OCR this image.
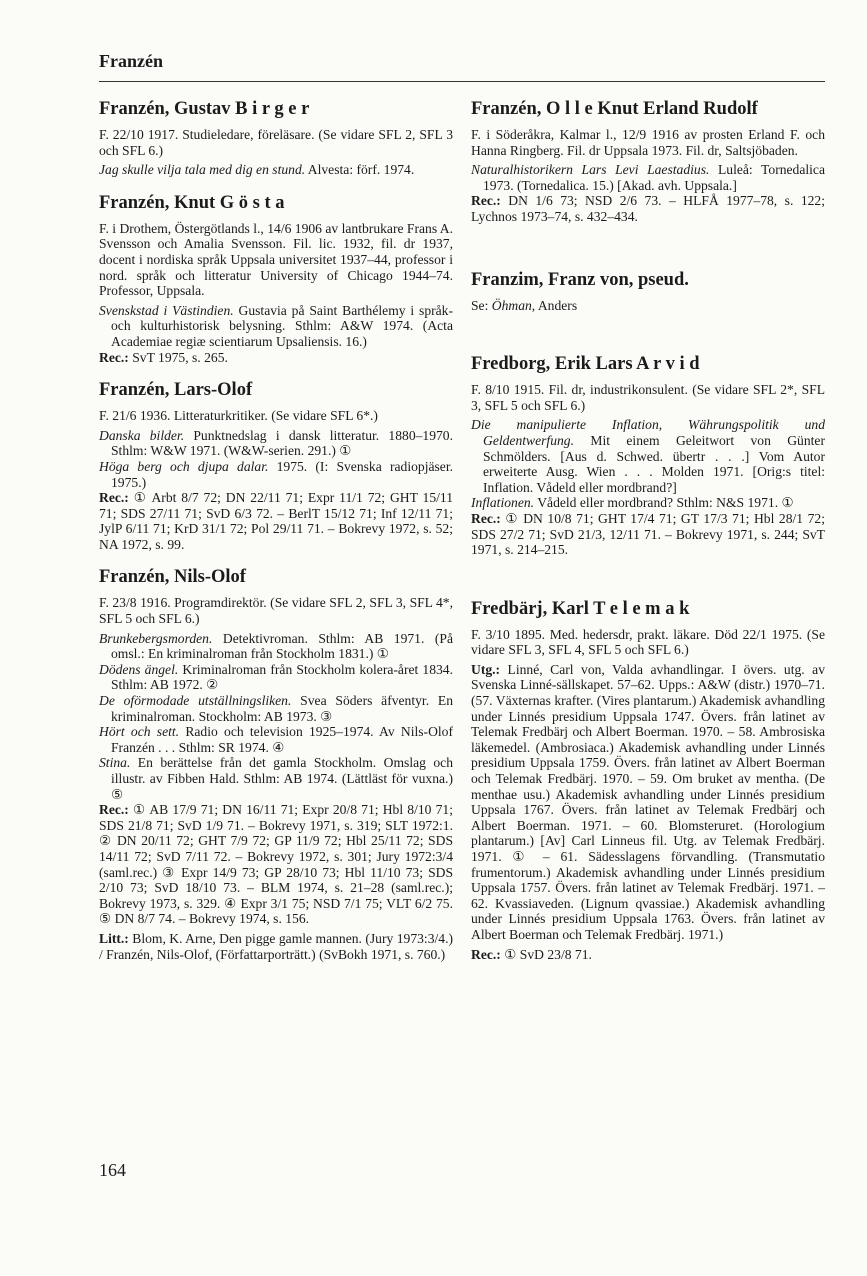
Franzén
Franzén, Gustav B i r g e r

F. 22/10 1917. Studieledare, föreläsare. (Se vidare SFL 2, SFL 3 och SFL 6.)

Jag skulle vilja tala med dig en stund. Alvesta: förf. 1974.

Franzén, Knut G ö s t a

F. i Drothem, Östergötlands l., 14/6 1906 av lantbrukare Frans A. Svensson och Amalia Svensson. Fil. lic. 1932, fil. dr 1937, docent i nordiska språk Uppsala universitet 1937–44, professor i nord. språk och litteratur University of Chicago 1944–74. Professor, Uppsala.

Svenskstad i Västindien. Gustavia på Saint Barthélemy i språk- och kulturhistorisk belysning. Sthlm: A&W 1974. (Acta Academiae regiæ scientiarum Upsaliensis. 16.)

Rec.: SvT 1975, s. 265.

Franzén, Lars-Olof

F. 21/6 1936. Litteraturkritiker. (Se vidare SFL 6*.)

Danska bilder. Punktnedslag i dansk litteratur. 1880–1970. Sthlm: W&W 1971. (W&W-serien. 291.) ①

Höga berg och djupa dalar. 1975. (I: Svenska radiopjäser. 1975.)

Rec.: ① Arbt 8/7 72; DN 22/11 71; Expr 11/1 72; GHT 15/11 71; SDS 27/11 71; SvD 6/3 72. – BerlT 15/12 71; Inf 12/11 71; JylP 6/11 71; KrD 31/1 72; Pol 29/11 71. – Bokrevy 1972, s. 52; NA 1972, s. 99.

Franzén, Nils-Olof

F. 23/8 1916. Programdirektör. (Se vidare SFL 2, SFL 3, SFL 4*, SFL 5 och SFL 6.)

Brunkebergsmorden. Detektivroman. Sthlm: AB 1971. (På omsl.: En kriminalroman från Stockholm 1831.) ①

Dödens ängel. Kriminalroman från Stockholm kolera-året 1834. Sthlm: AB 1972. ②

De oförmodade utställningsliken. Svea Söders äfventyr. En kriminalroman. Stockholm: AB 1973. ③

Hört och sett. Radio och television 1925–1974. Av Nils-Olof Franzén . . . Sthlm: SR 1974. ④

Stina. En berättelse från det gamla Stockholm. Omslag och illustr. av Fibben Hald. Sthlm: AB 1974. (Lättläst för vuxna.) ⑤

Rec.: ① AB 17/9 71; DN 16/11 71; Expr 20/8 71; Hbl 8/10 71; SDS 21/8 71; SvD 1/9 71. – Bokrevy 1971, s. 319; SLT 1972:1. ② DN 20/11 72; GHT 7/9 72; GP 11/9 72; Hbl 25/11 72; SDS 14/11 72; SvD 7/11 72. – Bokrevy 1972, s. 301; Jury 1972:3/4 (saml.rec.) ③ Expr 14/9 73; GP 28/10 73; Hbl 11/10 73; SDS 2/10 73; SvD 18/10 73. – BLM 1974, s. 21–28 (saml.rec.); Bokrevy 1973, s. 329. ④ Expr 3/1 75; NSD 7/1 75; VLT 6/2 75. ⑤ DN 8/7 74. – Bokrevy 1974, s. 156.

Litt.: Blom, K. Arne, Den pigge gamle mannen. (Jury 1973:3/4.) / Franzén, Nils-Olof, (Författarporträtt.) (SvBokh 1971, s. 760.)

Franzén, O l l e Knut Erland Rudolf

F. i Söderåkra, Kalmar l., 12/9 1916 av prosten Erland F. och Hanna Ringberg. Fil. dr Uppsala 1973. Fil. dr, Saltsjöbaden.

Naturalhistorikern Lars Levi Laestadius. Luleå: Tornedalica 1973. (Tornedalica. 15.) [Akad. avh. Uppsala.]

Rec.: DN 1/6 73; NSD 2/6 73. – HLFÅ 1977–78, s. 122; Lychnos 1973–74, s. 432–434.

Franzim, Franz von, pseud.

Se: Öhman, Anders

Fredborg, Erik Lars A r v i d

F. 8/10 1915. Fil. dr, industrikonsulent. (Se vidare SFL 2*, SFL 3, SFL 5 och SFL 6.)

Die manipulierte Inflation, Währungspolitik und Geldentwerfung. Mit einem Geleitwort von Günter Schmölders. [Aus d. Schwed. übertr . . .] Vom Autor erweiterte Ausg. Wien . . . Molden 1971. [Orig:s titel: Inflation. Vådeld eller mordbrand?]

Inflationen. Vådeld eller mordbrand? Sthlm: N&S 1971. ①

Rec.: ① DN 10/8 71; GHT 17/4 71; GT 17/3 71; Hbl 28/1 72; SDS 27/2 71; SvD 21/3, 12/11 71. – Bokrevy 1971, s. 244; SvT 1971, s. 214–215.

Fredbärj, Karl T e l e m a k

F. 3/10 1895. Med. hedersdr, prakt. läkare. Död 22/1 1975. (Se vidare SFL 3, SFL 4, SFL 5 och SFL 6.)

Utg.: Linné, Carl von, Valda avhandlingar. I övers. utg. av Svenska Linné-sällskapet. 57–62. Upps.: A&W (distr.) 1970–71. (57. Växternas krafter. (Vires plantarum.) Akademisk avhandling under Linnés presidium Uppsala 1747. Övers. från latinet av Telemak Fredbärj och Albert Boerman. 1970. – 58. Ambrosiska läkemedel. (Ambrosiaca.) Akademisk avhandling under Linnés presidium Uppsala 1759. Övers. från latinet av Albert Boerman och Telemak Fredbärj. 1970. – 59. Om bruket av mentha. (De menthae usu.) Akademisk avhandling under Linnés presidium Uppsala 1767. Övers. från latinet av Telemak Fredbärj och Albert Boerman. 1971. – 60. Blomsteruret. (Horologium plantarum.) [Av] Carl Linneus fil. Utg. av Telemak Fredbärj. 1971. ① – 61. Sädesslagens förvandling. (Transmutatio frumentorum.) Akademisk avhandling under Linnés presidium Uppsala 1757. Övers. från latinet av Telemak Fredbärj. 1971. – 62. Kvassiaveden. (Lignum qvassiae.) Akademisk avhandling under Linnés presidium Uppsala 1763. Övers. från latinet av Albert Boerman och Telemak Fredbärj. 1971.)

Rec.: ① SvD 23/8 71.

164
